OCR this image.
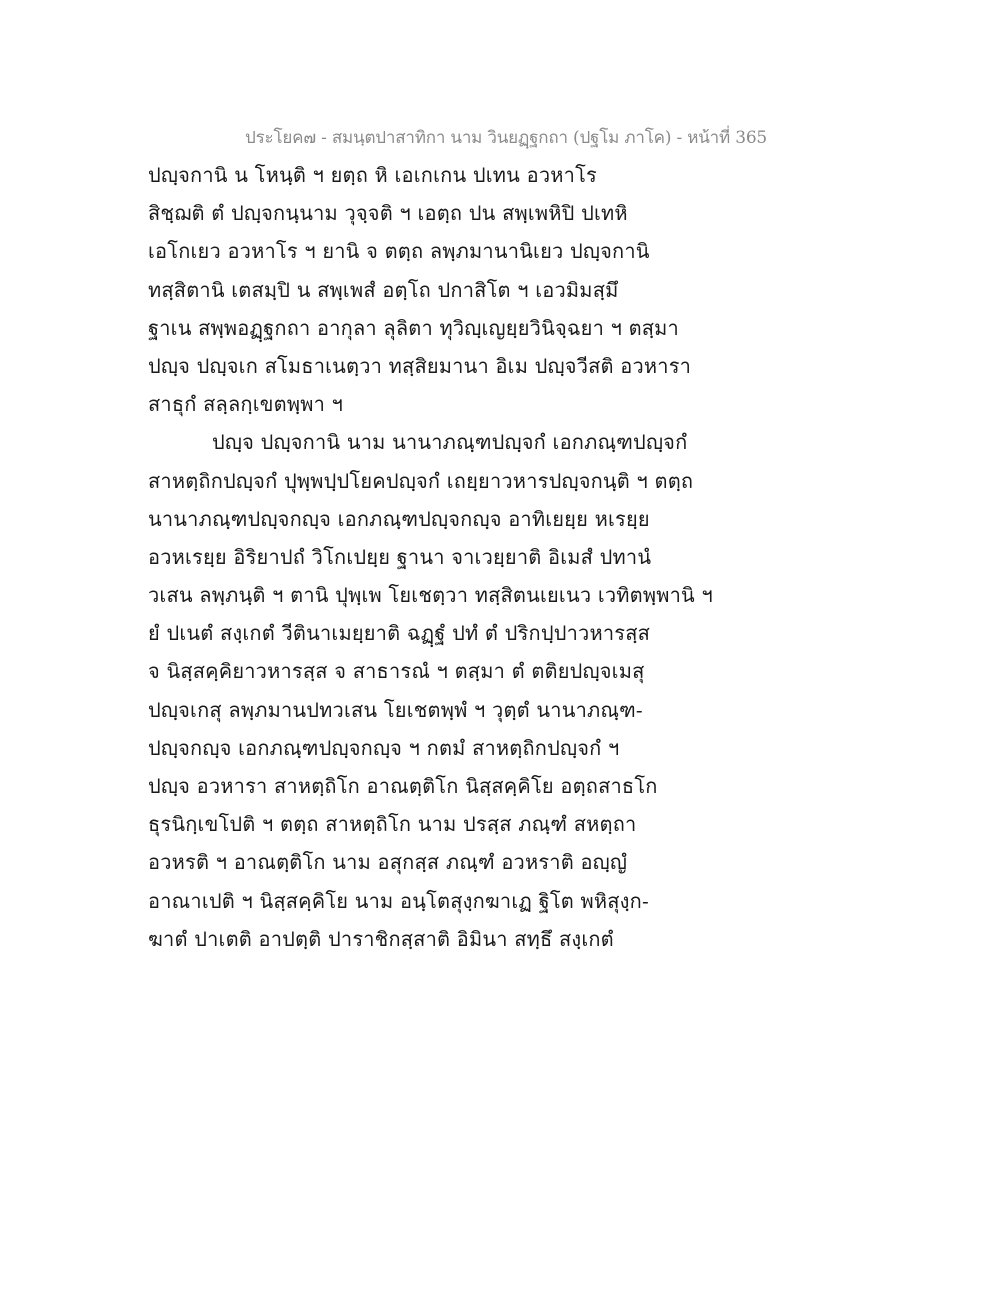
ประโยค๗ - สมนฺตปาสาทิกา นาม วินยฏฺฐกถา (ปฐโม ภาโค) - หน้าที่ 365
ปญฺจกานิ น โหนฺติ ฯ ยตฺถ หิ เอเกเกน ปเทน อวหาโร
สิชฺฌติ ตํ ปญฺจกนฺนาม วุจฺจติ ฯ เอตฺถ ปน สพฺเพหิปิ ปเทหิ
เอโกเยว อวหาโร ฯ ยานิ จ ตตฺถ ลพฺภมานานิเยว ปญฺจกานิ
ทสฺสิตานิ เตสมฺปิ น สพฺเพสํ อตฺโถ ปกาสิโต ฯ เอวมิมสฺมึ
ฐาเน สพฺพอฏฺฐกถา อากุลา ลุลิตา ทุวิญฺเญยฺยวินิจฺฉยา ฯ ตสฺมา
ปญฺจ ปญฺจเก สโมธาเนตฺวา ทสฺสิยมานา อิเม ปญฺจวีสติ อวหารา
สาธุกํ สลฺลกฺเขตพฺพา ฯ
ปญฺจ ปญฺจกานิ นาม นานาภณฺฑปญฺจกํ เอกภณฺฑปญฺจกํ
สาหตฺถิกปญฺจกํ ปุพฺพปฺปโยคปญฺจกํ เถยฺยาวหารปญฺจกนฺติ ฯ ตตฺถ
นานาภณฺฑปญฺจกญฺจ เอกภณฺฑปญฺจกญฺจ อาทิเยยฺย หเรยฺย
อวหเรยฺย อิริยาปถํ วิโกเปยฺย ฐานา จาเวยฺยาติ อิเมสํ ปทานํ
วเสน ลพฺภนฺติ ฯ ตานิ ปุพฺเพ โยเชตฺวา ทสฺสิตนเยเนว เวทิตพฺพานิ ฯ
ยํ ปเนตํ สงฺเกตํ วีตินาเมยฺยาติ ฉฏฺฐํ ปทํ ตํ ปริกปฺปาวหารสฺส
จ นิสฺสคฺคิยาวหารสฺส จ สาธารณํ ฯ ตสฺมา ตํ ตติยปญฺจเมสุ
ปญฺจเกสุ ลพฺภมานปทวเสน โยเชตพฺพํ ฯ วุตฺตํ นานาภณฺฑ-
ปญฺจกญฺจ เอกภณฺฑปญฺจกญฺจ ฯ กตมํ สาหตฺถิกปญฺจกํ ฯ
ปญฺจ อวหารา สาหตฺถิโก อาณตฺติโก นิสฺสคฺคิโย อตฺถสาธโก
ธุรนิกฺเขโปติ ฯ ตตฺถ สาหตฺถิโก นาม ปรสฺส ภณฺฑํ สหตฺถา
อวหรติ ฯ อาณตฺติโก นาม อสุกสฺส ภณฺฑํ อวหราติ อญฺญํ
อาณาเปติ ฯ นิสฺสคฺคิโย นาม อนฺโตสุงฺกฆาเฏ ฐิโต พหิสุงฺก-
ฆาตํ ปาเตติ อาปตฺติ ปาราชิกสฺสาติ อิมินา สทฺธึ สงฺเกตํ
